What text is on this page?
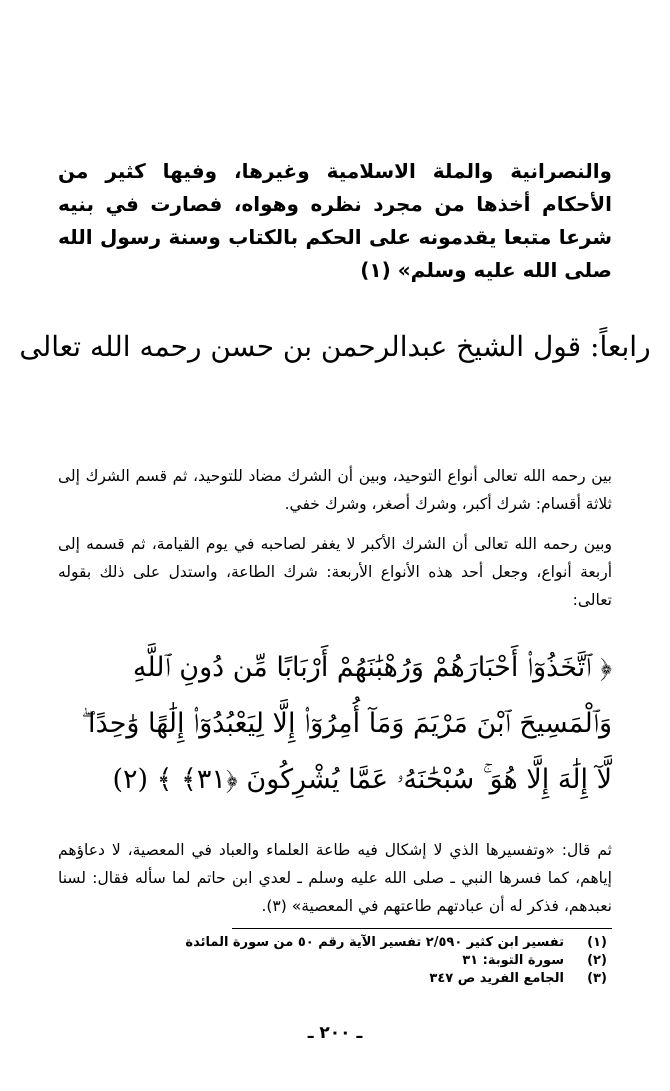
والنصرانية والملة الاسلامية وغيرها، وفيها كثير من الأحكام أخذها من مجرد نظره وهواه، فصارت في بنيه شرعا متبعا يقدمونه على الحكم بالكتاب وسنة رسول الله صلى الله عليه وسلم» (١)
رابعاً: قول الشيخ عبدالرحمن بن حسن رحمه الله تعالى
بين رحمه الله تعالى أنواع التوحيد، وبين أن الشرك مضاد للتوحيد، ثم قسم الشرك إلى ثلاثة أقسام: شرك أكبر، وشرك أصغر، وشرك خفي.
وبين رحمه الله تعالى أن الشرك الأكبر لا يغفر لصاحبه في يوم القيامة، ثم قسمه إلى أربعة أنواع، وجعل أحد هذه الأنواع الأربعة: شرك الطاعة، واستدل على ذلك بقوله تعالى:
﴿ ٱتَّخَذُوٓا۟ أَحْبَارَهُمْ وَرُهْبَٰنَهُمْ أَرْبَابًا مِّن دُونِ ٱللَّهِ وَٱلْمَسِيحَ ٱبْنَ مَرْيَمَ وَمَآ أُمِرُوٓا۟ إِلَّا لِيَعْبُدُوٓا۟ إِلَٰهًا وَٰحِدًا ۖ لَّآ إِلَٰهَ إِلَّا هُوَ ۚ سُبْحَٰنَهُۥ عَمَّا يُشْرِكُونَ ﴿٣١﴾ ﴾ (٢)
ثم قال: «وتفسيرها الذي لا إشكال فيه طاعة العلماء والعباد في المعصية، لا دعاؤهم إياهم، كما فسرها النبي ـ صلى الله عليه وسلم ـ لعدي ابن حاتم لما سأله فقال: لسنا نعبدهم، فذكر له أن عبادتهم طاعتهم في المعصية» (٣).
(١)
تفسير ابن كثير ٢/٥٩٠ تفسير الآية رقم ٥٠ من سورة المائدة
(٢)
سورة التوبة: ٣١
(٣)
الجامع الفريد ص ٣٤٧
ـ ٢٠٠ ـ
